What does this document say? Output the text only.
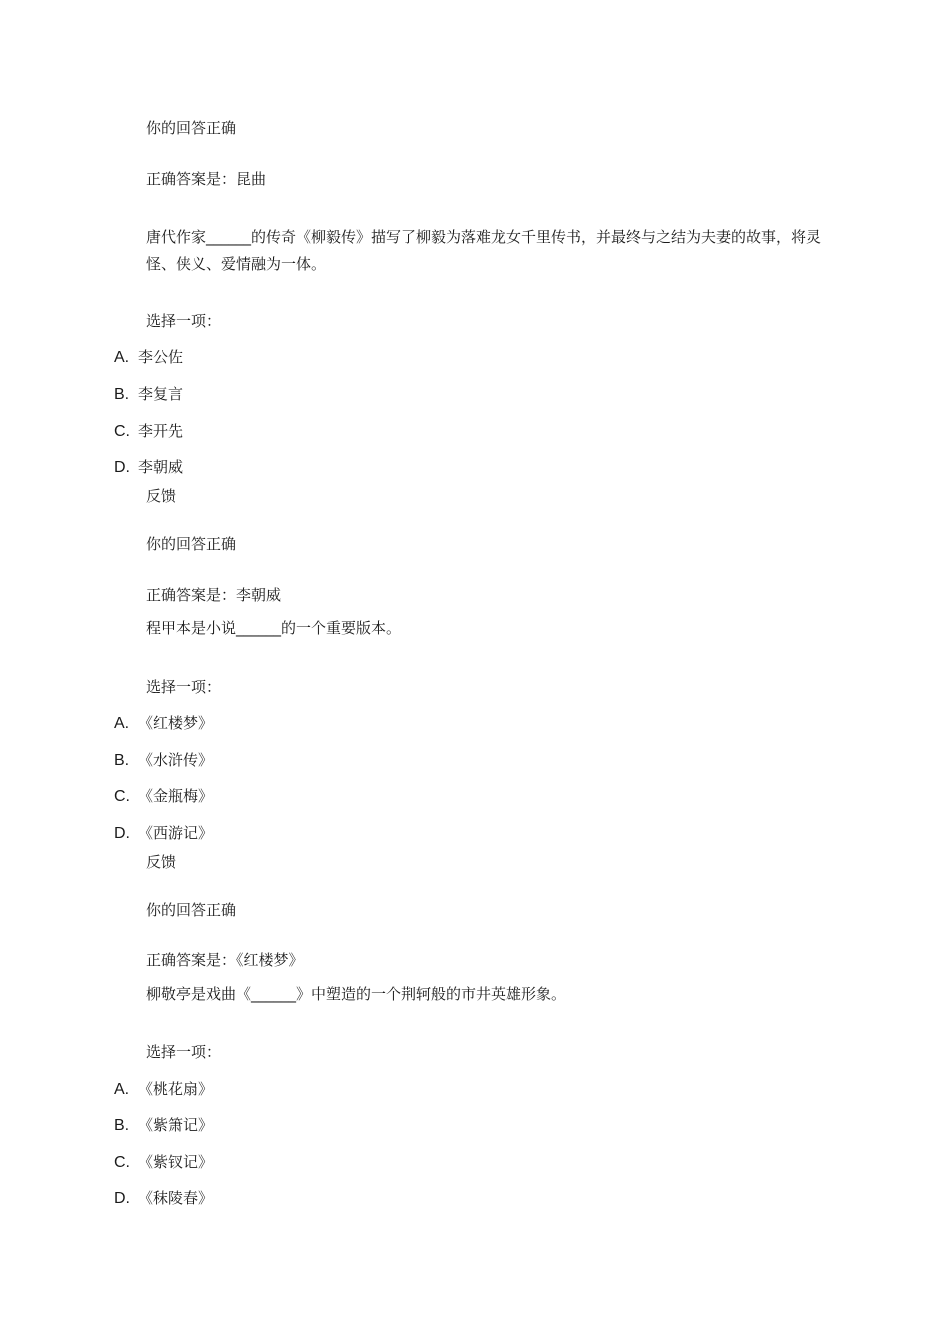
你的回答正确
正确答案是：昆曲
唐代作家______的传奇《柳毅传》描写了柳毅为落难龙女千里传书，并最终与之结为夫妻的故事，将灵怪、侠义、爱情融为一体。
选择一项：
A. 李公佐
B. 李复言
C. 李开先
D. 李朝威
反馈
你的回答正确
正确答案是：李朝威
程甲本是小说______的一个重要版本。
选择一项：
A. 《红楼梦》
B. 《水浒传》
C. 《金瓶梅》
D. 《西游记》
反馈
你的回答正确
正确答案是：《红楼梦》
柳敬亭是戏曲《______》中塑造的一个荆轲般的市井英雄形象。
选择一项：
A. 《桃花扇》
B. 《紫箫记》
C. 《紫钗记》
D. 《秣陵春》
